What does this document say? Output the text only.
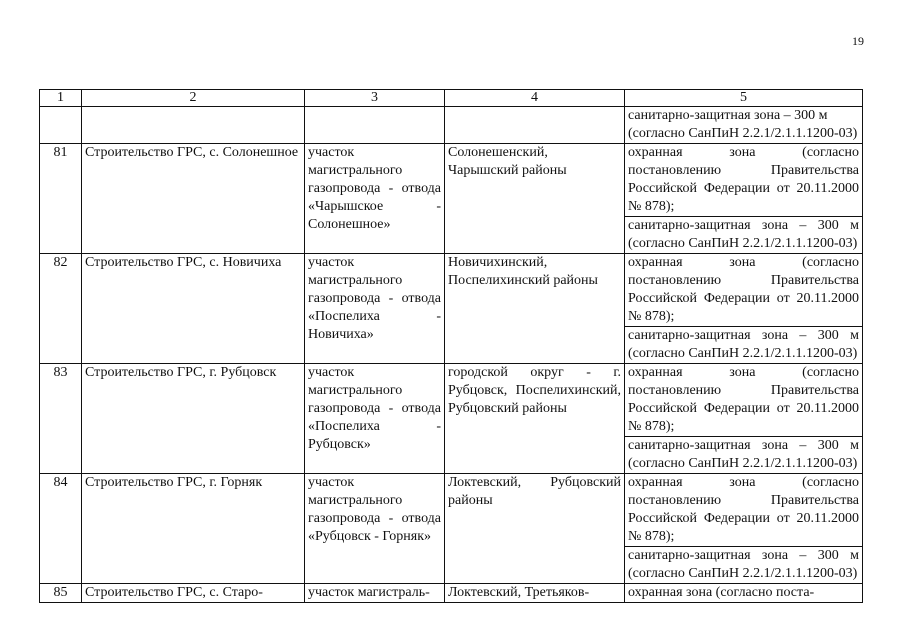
19
1	2	3	4	5

				санитарно-защитная зона – 300 м
(согласно СанПиН 2.2.1/2.1.1.1200-03)

81	Строительство ГРС, с. Солонешное	участок магистрального газопровода - отвода «Чарышское - Солонешное»	Солонешенский, Чарышский районы	охранная зона (согласно постановлению Правительства Российской Федерации от 20.11.2000 № 878);
санитарно-защитная зона – 300 м (согласно СанПиН 2.2.1/2.1.1.1200-03)

82	Строительство ГРС, с. Новичиха	участок магистрального газопровода - отвода «Поспелиха - Новичиха»	Новичихинский, Поспелихинский районы	охранная зона (согласно постановлению Правительства Российской Федерации от 20.11.2000 № 878);
санитарно-защитная зона – 300 м (согласно СанПиН 2.2.1/2.1.1.1200-03)

83	Строительство ГРС, г. Рубцовск	участок магистрального газопровода - отвода «Поспелиха - Рубцовск»	городской округ - г. Рубцовск, Поспелихинский, Рубцовский районы	охранная зона (согласно постановлению Правительства Российской Федерации от 20.11.2000 № 878);
санитарно-защитная зона – 300 м (согласно СанПиН 2.2.1/2.1.1.1200-03)

84	Строительство ГРС, г. Горняк	участок магистрального газопровода - отвода «Рубцовск - Горняк»	Локтевский, Рубцовский районы	охранная зона (согласно постановлению Правительства Российской Федерации от 20.11.2000 № 878);
санитарно-защитная зона – 300 м (согласно СанПиН 2.2.1/2.1.1.1200-03)

85	Строительство ГРС, с. Старо-	участок магистраль-	Локтевский, Третьяков-	охранная зона (согласно поста-
